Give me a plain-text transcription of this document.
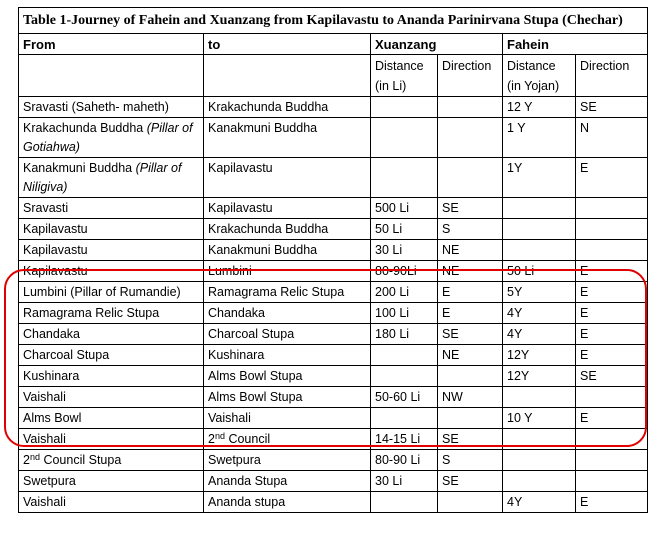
Table 1-Journey of Fahein and Xuanzang from Kapilavastu to Ananda Parinirvana Stupa (Chechar)					
From	to	Xuanzang		Fahein	
		Distance (in Li)	Direction	Distance (in Yojan)	Direction
Sravasti (Saheth- maheth)	Krakachunda Buddha			12 Y	SE
Krakachunda Buddha (Pillar of Gotiahwa)	Kanakmuni Buddha			1 Y	N
Kanakmuni Buddha (Pillar of Niligiva)	Kapilavastu			1Y	E
Sravasti	Kapilavastu	500 Li	SE		
Kapilavastu	Krakachunda Buddha	50 Li	S		
Kapilavastu	Kanakmuni Buddha	30 Li	NE		
Kapilavastu	Lumbini	80-90Li	NE	50 Li	E
Lumbini (Pillar of Rumandie)	Ramagrama Relic Stupa	200 Li	E	5Y	E
Ramagrama Relic Stupa	Chandaka	100 Li	E	4Y	E
Chandaka	Charcoal Stupa	180 Li	SE	4Y	E
Charcoal Stupa	Kushinara		NE	12Y	E
Kushinara	Alms Bowl Stupa			12Y	SE
Vaishali	Alms Bowl Stupa	50-60 Li	NW		
Alms Bowl	Vaishali			10 Y	E
Vaishali	2nd Council	14-15 Li	SE		
2nd Council Stupa	Swetpura	80-90 Li	S		
Swetpura	Ananda Stupa	30 Li	SE		
Vaishali	Ananda stupa			4Y	E
